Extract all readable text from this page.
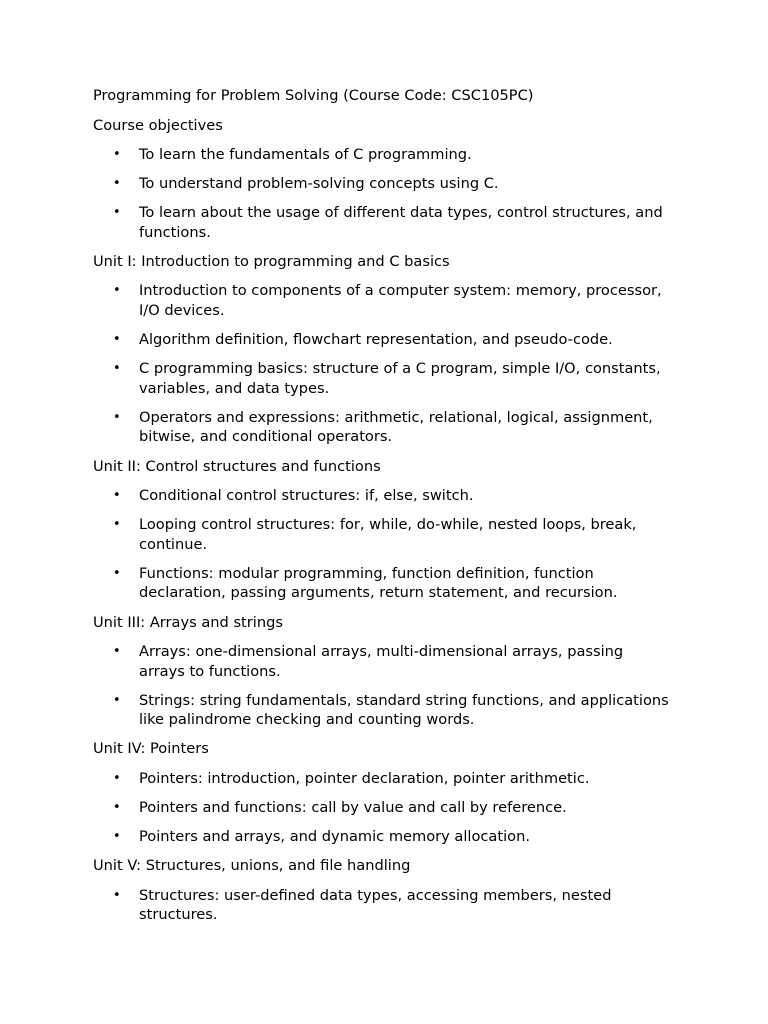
Programming for Problem Solving (Course Code: CSC105PC)

Course objectives

• To learn the fundamentals of C programming.
• To understand problem-solving concepts using C.
• To learn about the usage of different data types, control structures, and functions.

Unit I: Introduction to programming and C basics

• Introduction to components of a computer system: memory, processor, I/O devices.
• Algorithm definition, flowchart representation, and pseudo-code.
• C programming basics: structure of a C program, simple I/O, constants, variables, and data types.
• Operators and expressions: arithmetic, relational, logical, assignment, bitwise, and conditional operators.

Unit II: Control structures and functions

• Conditional control structures: if, else, switch.
• Looping control structures: for, while, do-while, nested loops, break, continue.
• Functions: modular programming, function definition, function declaration, passing arguments, return statement, and recursion.

Unit III: Arrays and strings

• Arrays: one-dimensional arrays, multi-dimensional arrays, passing arrays to functions.
• Strings: string fundamentals, standard string functions, and applications like palindrome checking and counting words.

Unit IV: Pointers

• Pointers: introduction, pointer declaration, pointer arithmetic.
• Pointers and functions: call by value and call by reference.
• Pointers and arrays, and dynamic memory allocation.

Unit V: Structures, unions, and file handling

• Structures: user-defined data types, accessing members, nested structures.
